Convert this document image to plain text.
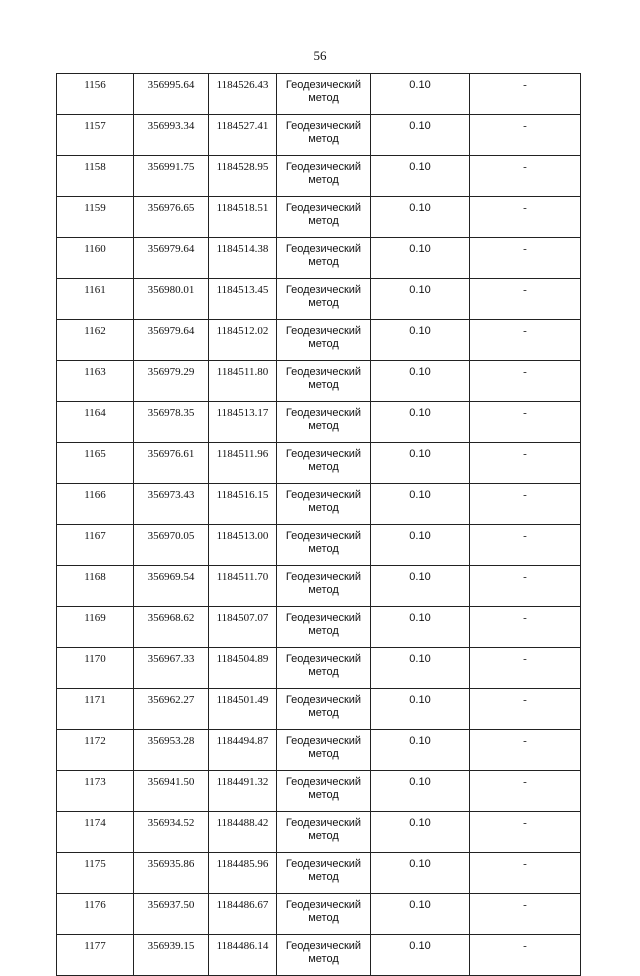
56
1156	356995.64	1184526.43	Геодезический
метод	0.10	-

1157	356993.34	1184527.41	Геодезический
метод	0.10	-

1158	356991.75	1184528.95	Геодезический
метод	0.10	-

1159	356976.65	1184518.51	Геодезический
метод	0.10	-

1160	356979.64	1184514.38	Геодезический
метод	0.10	-

1161	356980.01	1184513.45	Геодезический
метод	0.10	-

1162	356979.64	1184512.02	Геодезический
метод	0.10	-

1163	356979.29	1184511.80	Геодезический
метод	0.10	-

1164	356978.35	1184513.17	Геодезический
метод	0.10	-

1165	356976.61	1184511.96	Геодезический
метод	0.10	-

1166	356973.43	1184516.15	Геодезический
метод	0.10	-

1167	356970.05	1184513.00	Геодезический
метод	0.10	-

1168	356969.54	1184511.70	Геодезический
метод	0.10	-

1169	356968.62	1184507.07	Геодезический
метод	0.10	-

1170	356967.33	1184504.89	Геодезический
метод	0.10	-

1171	356962.27	1184501.49	Геодезический
метод	0.10	-

1172	356953.28	1184494.87	Геодезический
метод	0.10	-

1173	356941.50	1184491.32	Геодезический
метод	0.10	-

1174	356934.52	1184488.42	Геодезический
метод	0.10	-

1175	356935.86	1184485.96	Геодезический
метод	0.10	-

1176	356937.50	1184486.67	Геодезический
метод	0.10	-

1177	356939.15	1184486.14	Геодезический
метод	0.10	-
